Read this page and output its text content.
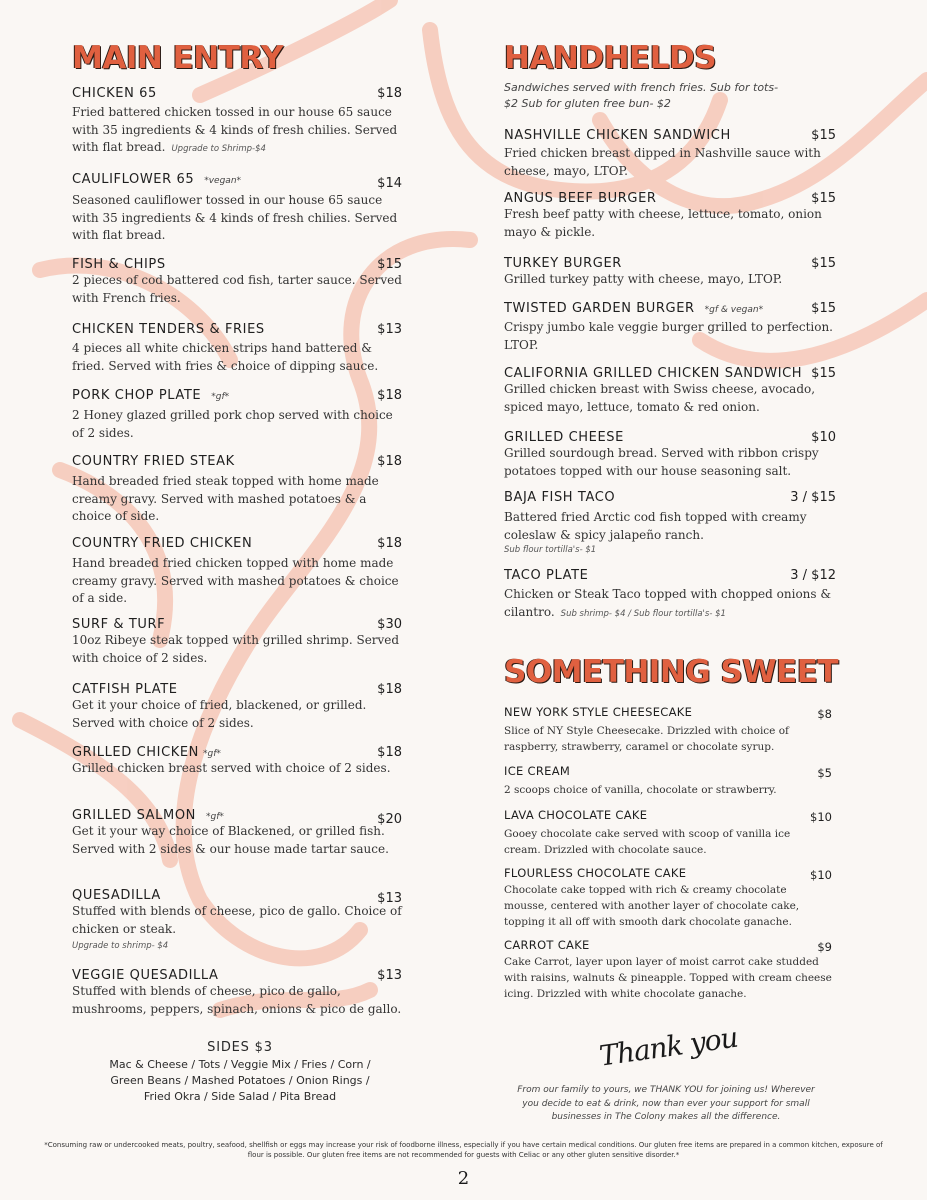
MAIN ENTRY
CHICKEN 65	$18
Fried battered chicken tossed in our house 65 sauce with 35 ingredients & 4 kinds of fresh chilies. Served with flat bread. Upgrade to Shrimp-$4
CAULIFLOWER 65 *vegan*	$14
Seasoned cauliflower tossed in our house 65 sauce with 35 ingredients & 4 kinds of fresh chilies. Served with flat bread.
FISH & CHIPS	$15
2 pieces of cod battered cod fish, tarter sauce. Served with French fries.
CHICKEN TENDERS & FRIES	$13
4 pieces all white chicken strips hand battered & fried. Served with fries & choice of dipping sauce.
PORK CHOP PLATE *gf*	$18
2 Honey glazed grilled pork chop served with choice of 2 sides.
COUNTRY FRIED STEAK	$18
Hand breaded fried steak topped with home made creamy gravy. Served with mashed potatoes & a choice of side.
COUNTRY FRIED CHICKEN	$18
Hand breaded fried chicken topped with home made creamy gravy. Served with mashed potatoes & choice of a side.
SURF & TURF	$30
10oz Ribeye steak topped with grilled shrimp. Served with choice of 2 sides.
CATFISH PLATE	$18
Get it your choice of fried, blackened, or grilled. Served with choice of 2 sides.
GRILLED CHICKEN *gf*	$18
Grilled chicken breast served with choice of 2 sides.
GRILLED SALMON *gf*	$20
Get it your way choice of Blackened, or grilled fish. Served with 2 sides & our house made tartar sauce.
QUESADILLA	$13
Stuffed with blends of cheese, pico de gallo. Choice of chicken or steak.
Upgrade to shrimp- $4
VEGGIE QUESADILLA	$13
Stuffed with blends of cheese, pico de gallo, mushrooms, peppers, spinach, onions & pico de gallo.
SIDES $3
Mac & Cheese / Tots / Veggie Mix / Fries / Corn / Green Beans / Mashed Potatoes / Onion Rings / Fried Okra / Side Salad / Pita Bread
HANDHELDS
Sandwiches served with french fries. Sub for tots- $2 Sub for gluten free bun- $2
NASHVILLE CHICKEN SANDWICH	$15
Fried chicken breast dipped in Nashville sauce with cheese, mayo, LTOP.
ANGUS BEEF BURGER	$15
Fresh beef patty with cheese, lettuce, tomato, onion mayo & pickle.
TURKEY BURGER	$15
Grilled turkey patty with cheese, mayo, LTOP.
TWISTED GARDEN BURGER *gf & vegan*	$15
Crispy jumbo kale veggie burger grilled to perfection. LTOP.
CALIFORNIA GRILLED CHICKEN SANDWICH $15
Grilled chicken breast with Swiss cheese, avocado, spiced mayo, lettuce, tomato & red onion.
GRILLED CHEESE	$10
Grilled sourdough bread. Served with ribbon crispy potatoes topped with our house seasoning salt.
BAJA FISH TACO	3 / $15
Battered fried Arctic cod fish topped with creamy coleslaw & spicy jalapeño ranch.
Sub flour tortilla's- $1
TACO PLATE	3 / $12
Chicken or Steak Taco topped with chopped onions & cilantro. Sub shrimp- $4 / Sub flour tortilla's- $1
SOMETHING SWEET
NEW YORK STYLE CHEESECAKE	$8
Slice of NY Style Cheesecake. Drizzled with choice of raspberry, strawberry, caramel or chocolate syrup.
ICE CREAM	$5
2 scoops choice of vanilla, chocolate or strawberry.
LAVA CHOCOLATE CAKE	$10
Gooey chocolate cake served with scoop of vanilla ice cream. Drizzled with chocolate sauce.
FLOURLESS CHOCOLATE CAKE	$10
Chocolate cake topped with rich & creamy chocolate mousse, centered with another layer of chocolate cake, topping it all off with smooth dark chocolate ganache.
CARROT CAKE	$9
Cake Carrot, layer upon layer of moist carrot cake studded with raisins, walnuts & pineapple. Topped with cream cheese icing. Drizzled with white chocolate ganache.
Thank you
From our family to yours, we THANK YOU for joining us! Wherever you decide to eat & drink, now than ever your support for small businesses in The Colony makes all the difference.
*Consuming raw or undercooked meats, poultry, seafood, shellfish or eggs may increase your risk of foodborne illness, especially if you have certain medical conditions. Our gluten free items are prepared in a common kitchen, exposure of flour is possible. Our gluten free items are not recommended for guests with Celiac or any other gluten sensitive disorder.*
2
